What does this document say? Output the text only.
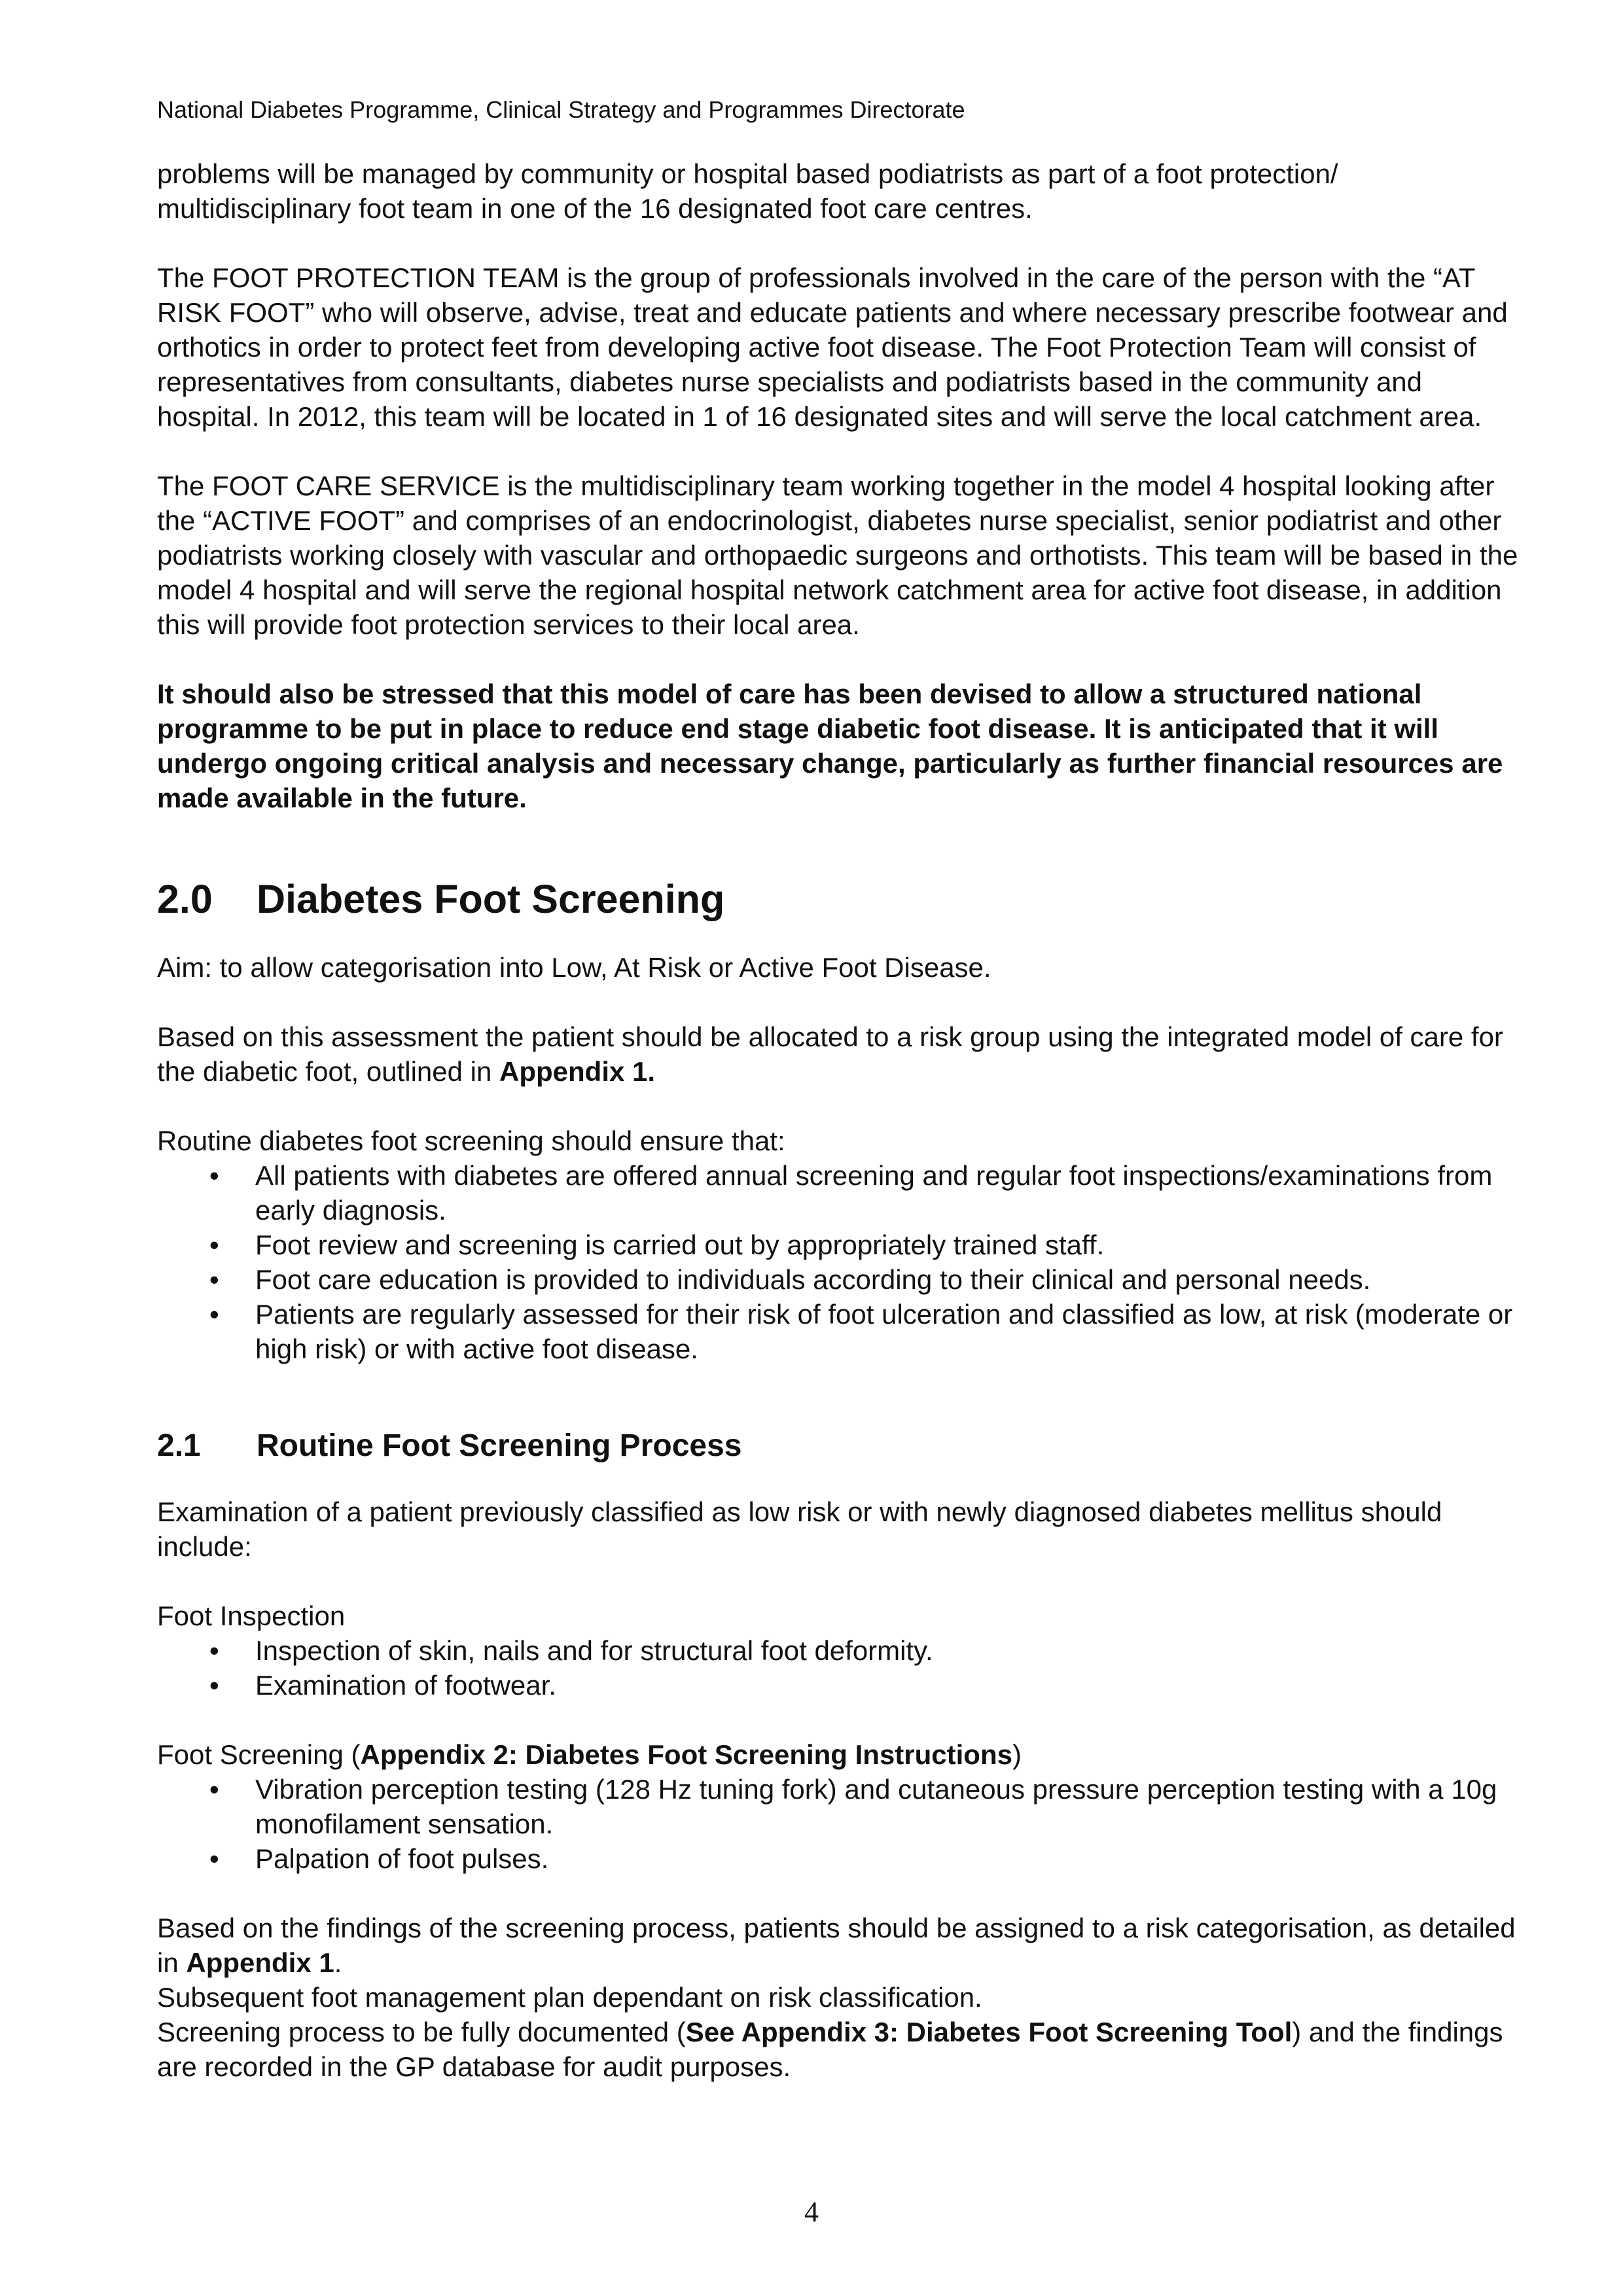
National Diabetes Programme, Clinical Strategy and Programmes Directorate

problems will be managed by community or hospital based podiatrists as part of a foot protection/ multidisciplinary foot team in one of the 16 designated foot care centres.

The FOOT PROTECTION TEAM is the group of professionals involved in the care of the person with the “AT RISK FOOT” who will observe, advise, treat and educate patients and where necessary prescribe footwear and orthotics in order to protect feet from developing active foot disease. The Foot Protection Team will consist of representatives from consultants, diabetes nurse specialists and podiatrists based in the community and hospital. In 2012, this team will be located in 1 of 16 designated sites and will serve the local catchment area.

The FOOT CARE SERVICE is the multidisciplinary team working together in the model 4 hospital looking after the “ACTIVE FOOT” and comprises of an endocrinologist, diabetes nurse specialist, senior podiatrist and other podiatrists working closely with vascular and orthopaedic surgeons and orthotists. This team will be based in the model 4 hospital and will serve the regional hospital network catchment area for active foot disease, in addition this will provide foot protection services to their local area.

It should also be stressed that this model of care has been devised to allow a structured national programme to be put in place to reduce end stage diabetic foot disease. It is anticipated that it will undergo ongoing critical analysis and necessary change, particularly as further financial resources are made available in the future.

2.0 Diabetes Foot Screening

Aim: to allow categorisation into Low, At Risk or Active Foot Disease.

Based on this assessment the patient should be allocated to a risk group using the integrated model of care for the diabetic foot, outlined in Appendix 1.

Routine diabetes foot screening should ensure that:

• All patients with diabetes are offered annual screening and regular foot inspections/examinations from early diagnosis.
• Foot review and screening is carried out by appropriately trained staff.
• Foot care education is provided to individuals according to their clinical and personal needs.
• Patients are regularly assessed for their risk of foot ulceration and classified as low, at risk (moderate or high risk) or with active foot disease.
2.1 Routine Foot Screening Process

Examination of a patient previously classified as low risk or with newly diagnosed diabetes mellitus should include:

Foot Inspection

• Inspection of skin, nails and for structural foot deformity.
• Examination of footwear.

Foot Screening (Appendix 2: Diabetes Foot Screening Instructions)

• Vibration perception testing (128 Hz tuning fork) and cutaneous pressure perception testing with a 10g monofilament sensation.
• Palpation of foot pulses.

Based on the findings of the screening process, patients should be assigned to a risk categorisation, as detailed in Appendix 1.

Subsequent foot management plan dependant on risk classification.

Screening process to be fully documented (See Appendix 3: Diabetes Foot Screening Tool) and the findings are recorded in the GP database for audit purposes.

4
